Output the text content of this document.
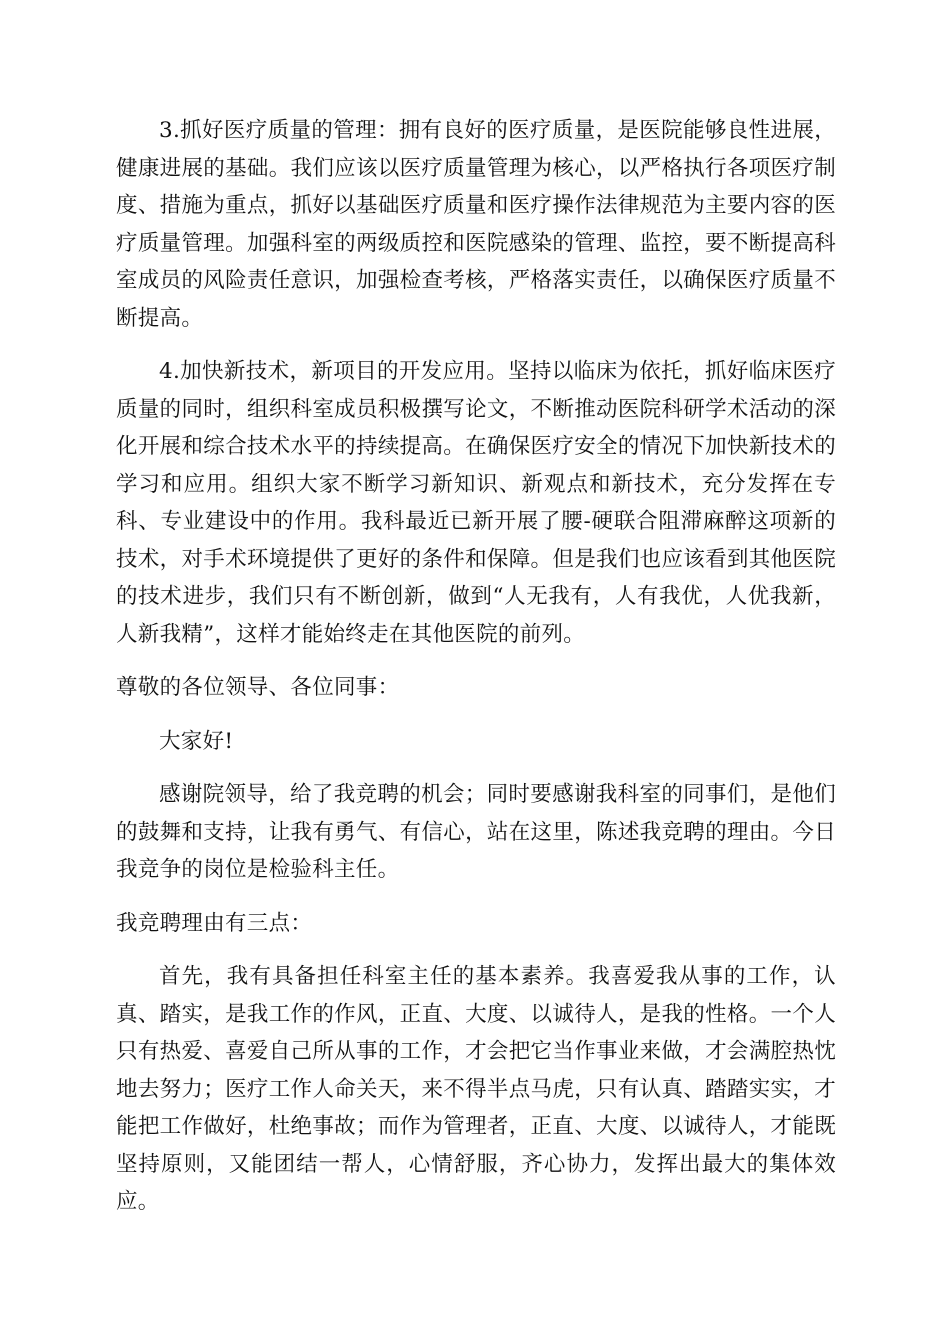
3.抓好医疗质量的管理：拥有良好的医疗质量，是医院能够良性进展，健康进展的基础。我们应该以医疗质量管理为核心，以严格执行各项医疗制度、措施为重点，抓好以基础医疗质量和医疗操作法律规范为主要内容的医疗质量管理。加强科室的两级质控和医院感染的管理、监控，要不断提高科室成员的风险责任意识，加强检查考核，严格落实责任，以确保医疗质量不断提高。

4.加快新技术，新项目的开发应用。坚持以临床为依托，抓好临床医疗质量的同时，组织科室成员积极撰写论文，不断推动医院科研学术活动的深化开展和综合技术水平的持续提高。在确保医疗安全的情况下加快新技术的学习和应用。组织大家不断学习新知识、新观点和新技术，充分发挥在专科、专业建设中的作用。我科最近已新开展了腰-硬联合阻滞麻醉这项新的技术，对手术环境提供了更好的条件和保障。但是我们也应该看到其他医院的技术进步，我们只有不断创新，做到“人无我有，人有我优，人优我新，人新我精”，这样才能始终走在其他医院的前列。

尊敬的各位领导、各位同事：

大家好!

感谢院领导，给了我竞聘的机会；同时要感谢我科室的同事们，是他们的鼓舞和支持，让我有勇气、有信心，站在这里，陈述我竞聘的理由。今日我竞争的岗位是检验科主任。

我竞聘理由有三点：

首先，我有具备担任科室主任的基本素养。我喜爱我从事的工作，认真、踏实，是我工作的作风，正直、大度、以诚待人，是我的性格。一个人只有热爱、喜爱自己所从事的工作，才会把它当作事业来做，才会满腔热忱地去努力；医疗工作人命关天，来不得半点马虎，只有认真、踏踏实实，才能把工作做好，杜绝事故；而作为管理者，正直、大度、以诚待人，才能既坚持原则，又能团结一帮人，心情舒服，齐心协力，发挥出最大的集体效应。
